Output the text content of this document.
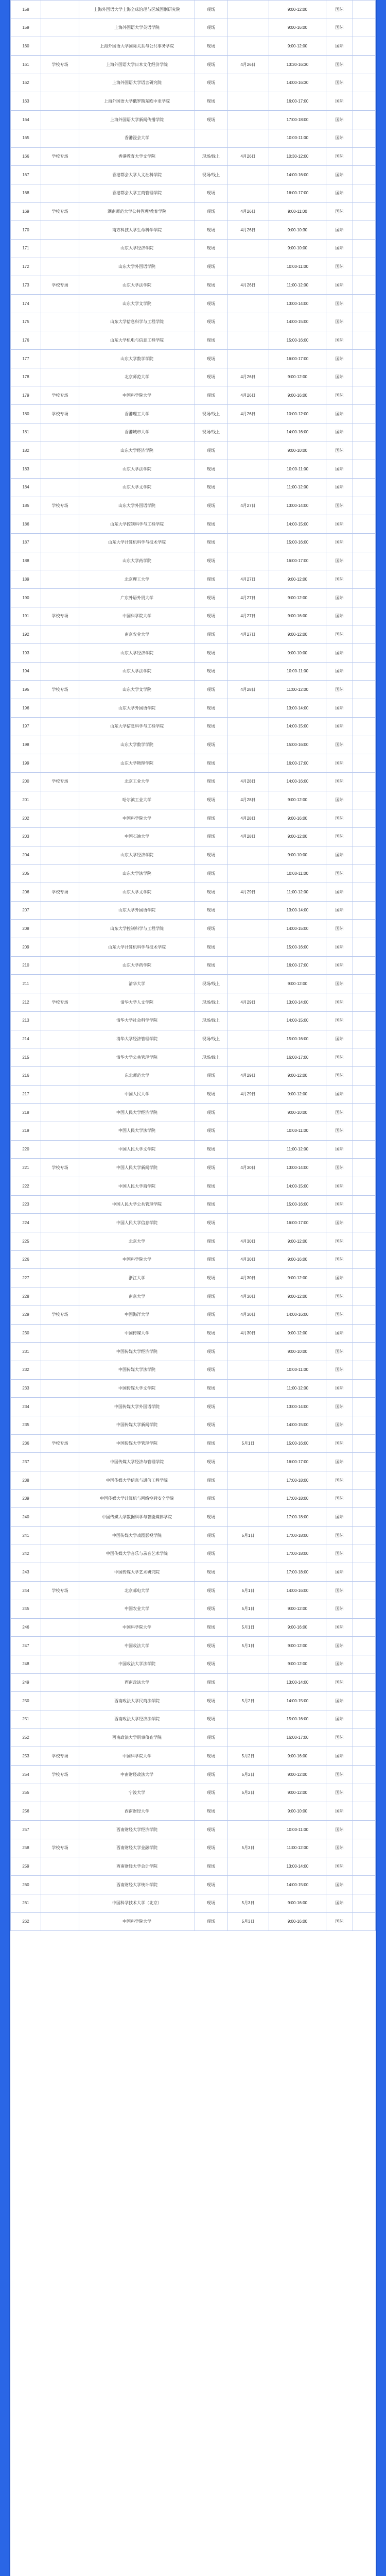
158		上海外国语大学上海全球治理与区域国别研究院	现场		9:00-12:00	国际	
159		上海外国语大学英语学院	现场		9:00-16:00	国际	
160		上海外国语大学国际关系与公共事务学院	现场		9:00-12:00	国际	
161	学校专场	上海外国语大学日本文化经济学院	现场	4月26日	13:30-16:30	国际	
162		上海外国语大学语言研究院	现场		14:00-16:30	国际	
163		上海外国语大学俄罗斯东欧中亚学院	现场		16:00-17:00	国际	
164		上海外国语大学新闻传播学院	现场		17:00-18:00	国际	
165		香港浸会大学			10:00-11:00	国际	
166	学校专场	香港教育大学文学院	现场/线上	4月26日	10:30-12:00	国际	
167		香港都会大学人文社科学院	现场/线上		14:00-16:00	国际	
168		香港都会大学工商管理学院	现场		16:00-17:00	国际	
169	学校专场	湖南师范大学公共管理/教育学院	现场	4月26日	9:00-11:00	国际	
170		南方科技大学生命科学学院	现场	4月26日	9:00-10:30	国际	
171		山东大学经济学院	现场		9:00-10:00	国际	
172		山东大学外国语学院	现场		10:00-11:00	国际	
173	学校专场	山东大学法学院	现场	4月26日	11:00-12:00	国际	
174		山东大学文学院	现场		13:00-14:00	国际	
175		山东大学信息科学与工程学院	现场		14:00-15:00	国际	
176		山东大学机电与信息工程学院	现场		15:00-16:00	国际	
177		山东大学数学学院	现场		16:00-17:00	国际	
178		北京师范大学	现场	4月26日	9:00-12:00	国际	
179	学校专场	中国科学院大学	现场	4月26日	9:00-16:00	国际	
180	学校专场	香港理工大学	现场/线上	4月26日	10:00-12:00	国际	
181		香港城市大学	现场/线上		14:00-16:00	国际	
182		山东大学经济学院	现场		9:00-10:00	国际	
183		山东大学法学院	现场		10:00-11:00	国际	
184		山东大学文学院	现场		11:00-12:00	国际	
185	学校专场	山东大学外国语学院	现场	4月27日	13:00-14:00	国际	
186		山东大学控制科学与工程学院	现场		14:00-15:00	国际	
187		山东大学计算机科学与技术学院	现场		15:00-16:00	国际	
188		山东大学药学院	现场		16:00-17:00	国际	
189		北京理工大学	现场	4月27日	9:00-12:00	国际	
190		广东外语外贸大学	现场	4月27日	9:00-12:00	国际	
191	学校专场	中国科学院大学	现场	4月27日	9:00-16:00	国际	
192		南京农业大学	现场	4月27日	9:00-12:00	国际	
193		山东大学经济学院	现场		9:00-10:00	国际	
194		山东大学法学院	现场		10:00-11:00	国际	
195	学校专场	山东大学文学院	现场	4月28日	11:00-12:00	国际	
196		山东大学外国语学院	现场		13:00-14:00	国际	
197		山东大学信息科学与工程学院	现场		14:00-15:00	国际	
198		山东大学数学学院	现场		15:00-16:00	国际	
199		山东大学物理学院	现场		16:00-17:00	国际	
200	学校专场	北京工业大学	现场	4月28日	14:00-16:00	国际	
201		哈尔滨工业大学	现场	4月28日	9:00-12:00	国际	
202		中国科学院大学	现场	4月28日	9:00-16:00	国际	
203		中国石油大学	现场	4月28日	9:00-12:00	国际	
204		山东大学经济学院	现场		9:00-10:00	国际	
205		山东大学法学院	现场		10:00-11:00	国际	
206	学校专场	山东大学文学院	现场	4月29日	11:00-12:00	国际	
207		山东大学外国语学院	现场		13:00-14:00	国际	
208		山东大学控制科学与工程学院	现场		14:00-15:00	国际	
209		山东大学计算机科学与技术学院	现场		15:00-16:00	国际	
210		山东大学药学院	现场		16:00-17:00	国际	
211		清华大学	现场/线上		9:00-12:00	国际	
212	学校专场	清华大学人文学院	现场/线上	4月29日	13:00-14:00	国际	
213		清华大学社会科学学院	现场/线上		14:00-15:00	国际	
214		清华大学经济管理学院	现场/线上		15:00-16:00	国际	
215		清华大学公共管理学院	现场/线上		16:00-17:00	国际	
216		东北师范大学	现场	4月29日	9:00-12:00	国际	
217		中国人民大学	现场	4月29日	9:00-12:00	国际	
218		中国人民大学经济学院	现场		9:00-10:00	国际	
219		中国人民大学法学院	现场		10:00-11:00	国际	
220		中国人民大学文学院	现场		11:00-12:00	国际	
221	学校专场	中国人民大学新闻学院	现场	4月30日	13:00-14:00	国际	
222		中国人民大学商学院	现场		14:00-15:00	国际	
223		中国人民大学公共管理学院	现场		15:00-16:00	国际	
224		中国人民大学信息学院	现场		16:00-17:00	国际	
225		北京大学	现场	4月30日	9:00-12:00	国际	
226		中国科学院大学	现场	4月30日	9:00-16:00	国际	
227		浙江大学	现场	4月30日	9:00-12:00	国际	
228		南京大学	现场	4月30日	9:00-12:00	国际	
229	学校专场	中国海洋大学	现场	4月30日	14:00-16:00	国际	
230		中国传媒大学	现场	4月30日	9:00-12:00	国际	
231		中国传媒大学经济学院	现场		9:00-10:00	国际	
232		中国传媒大学法学院	现场		10:00-11:00	国际	
233		中国传媒大学文学院	现场		11:00-12:00	国际	
234		中国传媒大学外国语学院	现场		13:00-14:00	国际	
235		中国传媒大学新闻学院	现场		14:00-15:00	国际	
236	学校专场	中国传媒大学管理学院	现场	5月1日	15:00-16:00	国际	
237		中国传媒大学经济与管理学院	现场		16:00-17:00	国际	
238		中国传媒大学信息与通信工程学院	现场		17:00-18:00	国际	
239		中国传媒大学计算机与网络空间安全学院	现场		17:00-18:00	国际	
240		中国传媒大学数据科学与智能媒体学院	现场		17:00-18:00	国际	
241		中国传媒大学戏剧影视学院	现场	5月1日	17:00-18:00	国际	
242		中国传媒大学音乐与录音艺术学院	现场		17:00-18:00	国际	
243		中国传媒大学艺术研究院	现场		17:00-18:00	国际	
244	学校专场	北京邮电大学	现场	5月1日	14:00-16:00	国际	
245		中国农业大学	现场	5月1日	9:00-12:00	国际	
246		中国科学院大学	现场	5月1日	9:00-16:00	国际	
247		中国政法大学	现场	5月1日	9:00-12:00	国际	
248		中国政法大学法学院	现场		9:00-12:00	国际	
249		西南政法大学	现场		13:00-14:00	国际	
250		西南政法大学民商法学院	现场	5月2日	14:00-15:00	国际	
251		西南政法大学经济法学院	现场		15:00-16:00	国际	
252		西南政法大学刑事侦查学院	现场		16:00-17:00	国际	
253	学校专场	中国科学院大学	现场	5月2日	9:00-16:00	国际	
254	学校专场	中南财经政法大学	现场	5月2日	9:00-12:00	国际	
255		宁波大学	现场	5月2日	9:00-12:00	国际	
256		西南财经大学	现场		9:00-10:00	国际	
257		西南财经大学经济学院	现场		10:00-11:00	国际	
258	学校专场	西南财经大学金融学院	现场	5月3日	11:00-12:00	国际	
259		西南财经大学会计学院	现场		13:00-14:00	国际	
260		西南财经大学统计学院	现场		14:00-15:00	国际	
261		中国科学技术大学（北京）	现场	5月3日	9:00-16:00	国际	
262		中国科学院大学	现场	5月3日	9:00-16:00	国际	
